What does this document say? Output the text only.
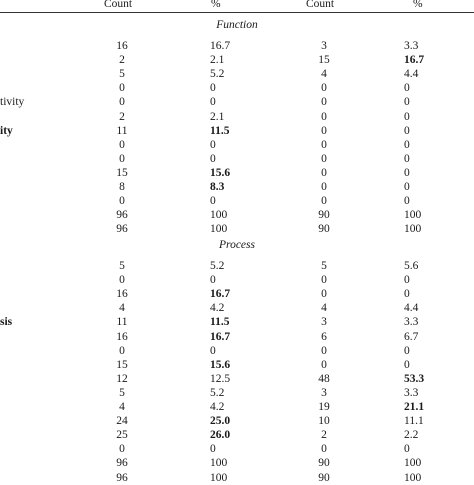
Count	%	Count	%
Function
16	16.7	3	3.3
2	2.1	15	16.7
5	5.2	4	4.4
0	0	0	0
tivity	0	0	0	0
2	2.1	0	0
ity	11	11.5	0	0
0	0	0	0
0	0	0	0
15	15.6	0	0
8	8.3	0	0
0	0	0	0
96	100	90	100
96	100	90	100
Process
5	5.2	5	5.6
0	0	0	0
16	16.7	0	0
4	4.2	4	4.4
sis	11	11.5	3	3.3
16	16.7	6	6.7
0	0	0	0
15	15.6	0	0
12	12.5	48	53.3
5	5.2	3	3.3
4	4.2	19	21.1
24	25.0	10	11.1
25	26.0	2	2.2
0	0	0	0
96	100	90	100
96	100	90	100
